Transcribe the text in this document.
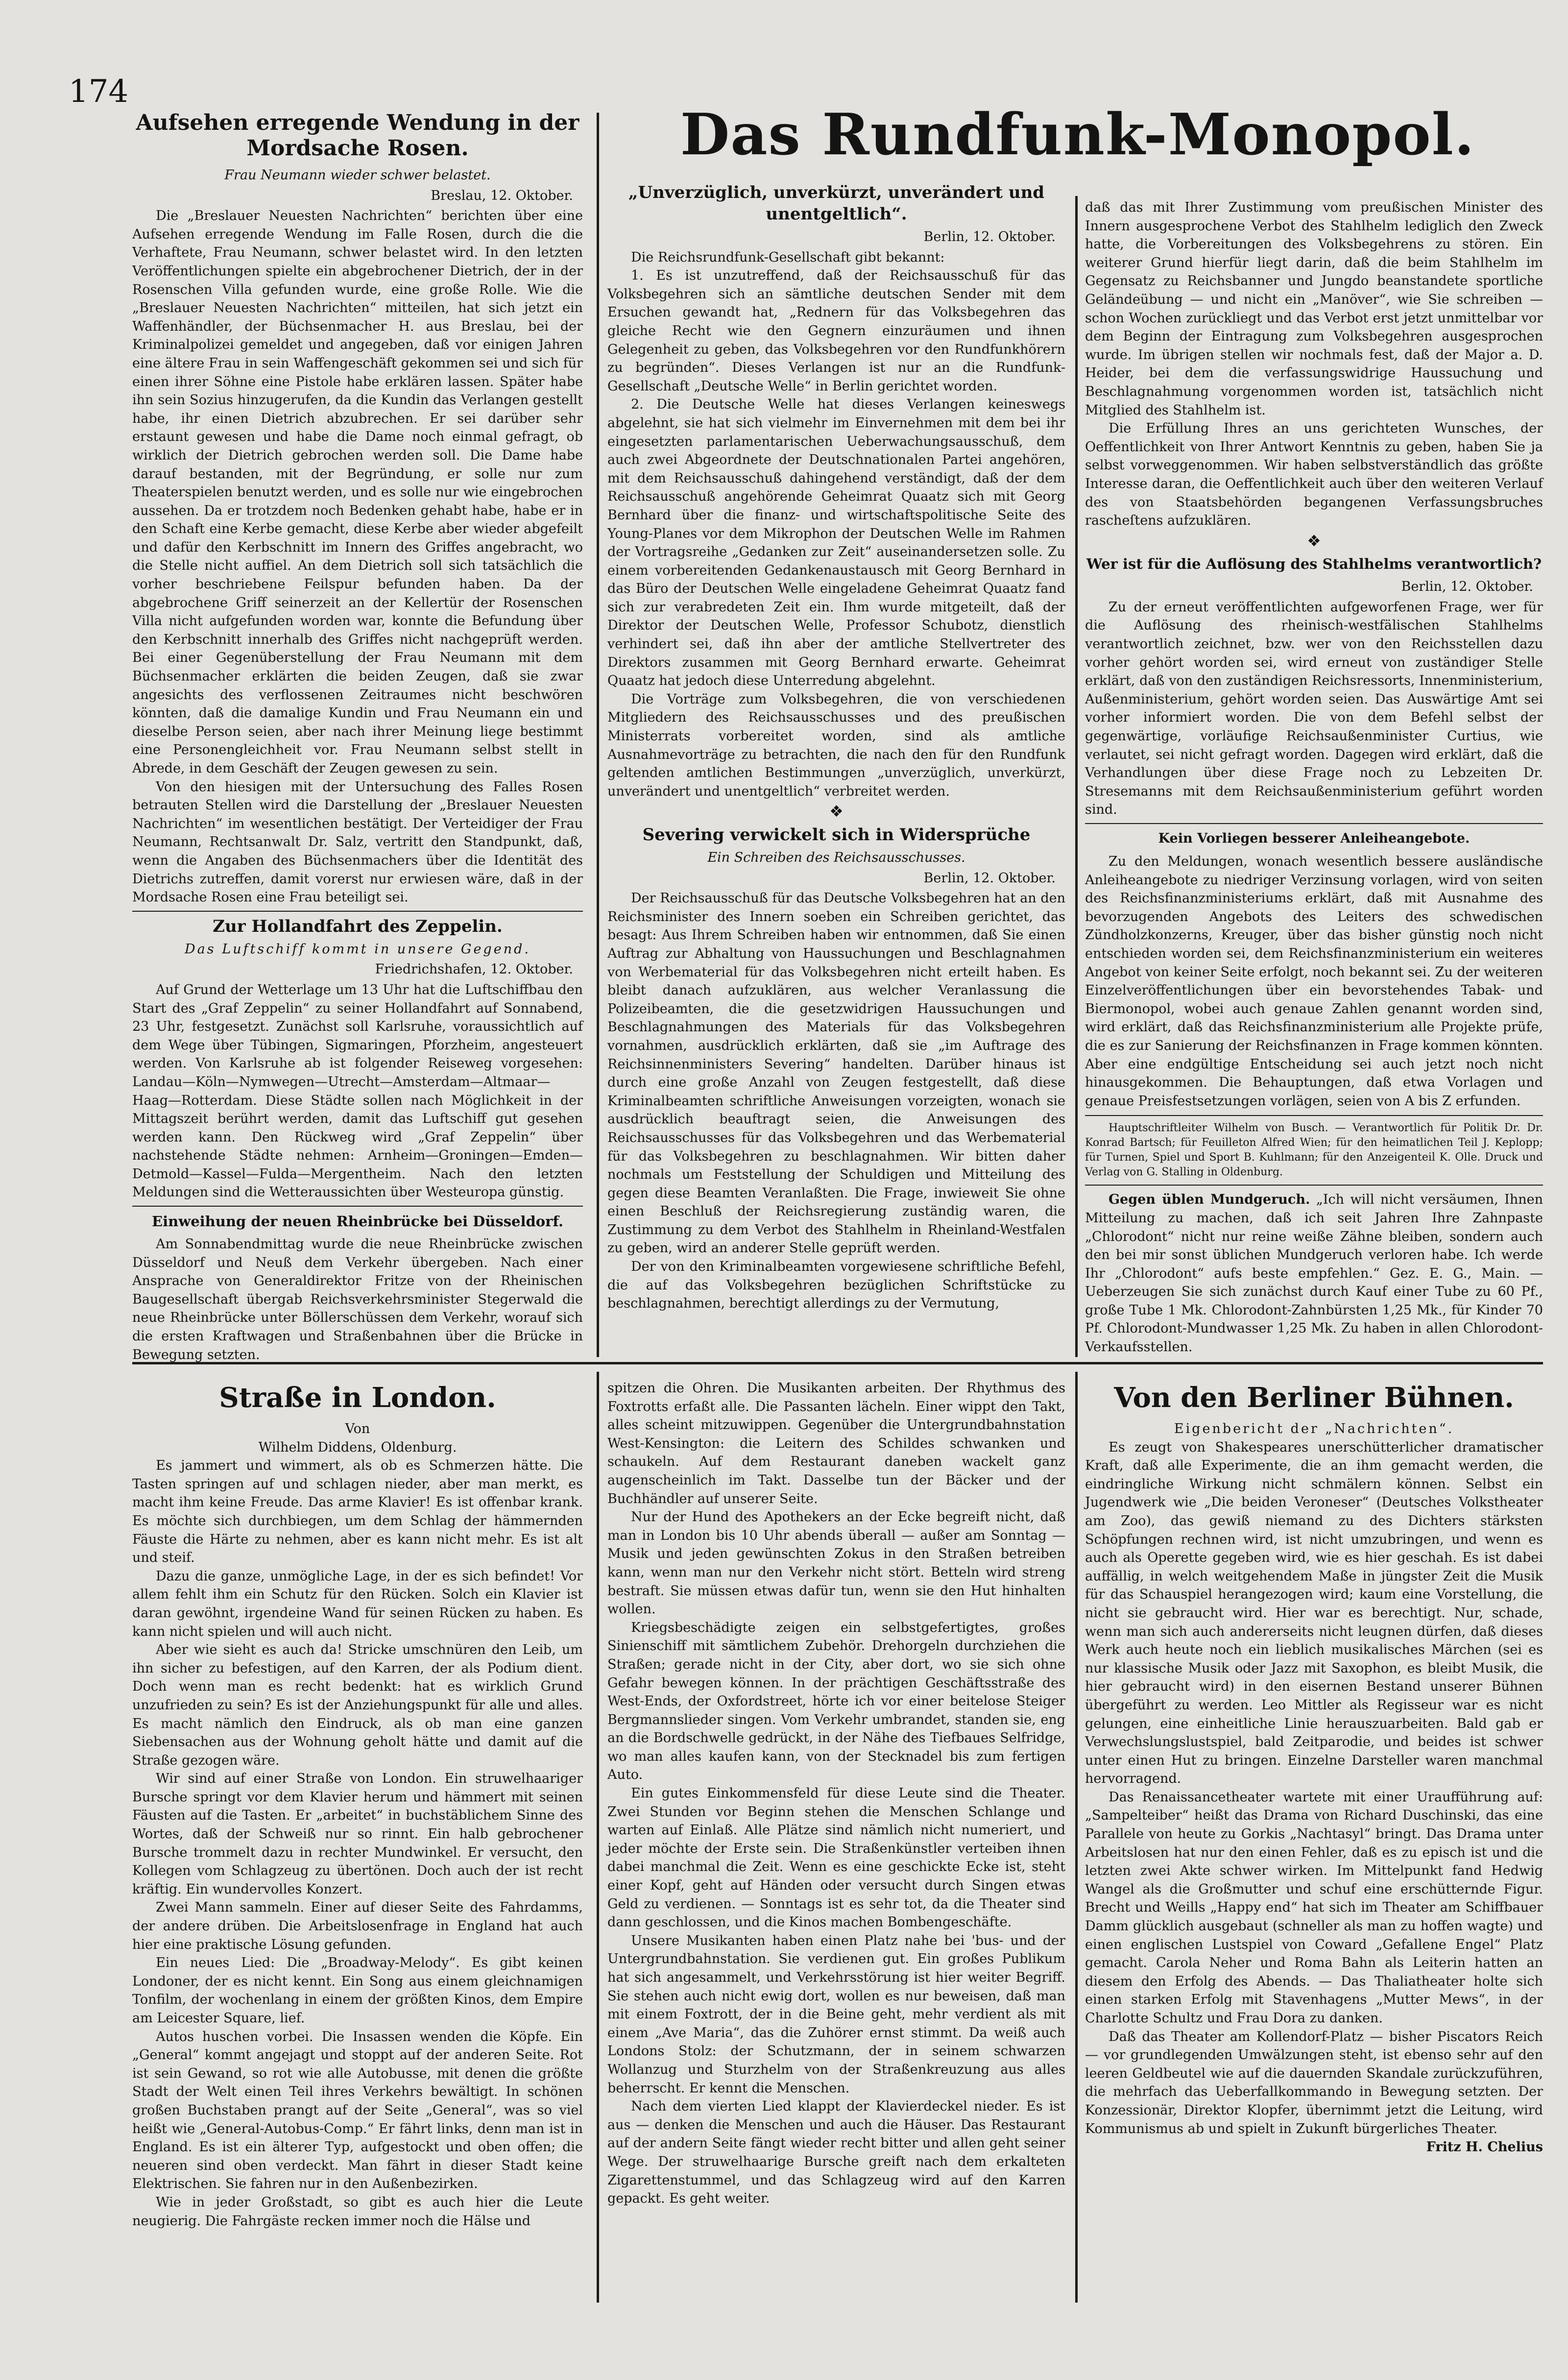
174
Das Rundfunk-Monopol.
Aufsehen erregende Wendung in der Mordsache Rosen.
Frau Neumann wieder schwer belastet.
Breslau, 12. Oktober.

Die „Breslauer Neuesten Nachrichten“ berichten über eine Aufsehen erregende Wendung im Falle Rosen, durch die die Verhaftete, Frau Neumann, schwer belastet wird. In den letzten Veröffentlichungen spielte ein abgebrochener Dietrich, der in der Rosenschen Villa gefunden wurde, eine große Rolle. Wie die „Breslauer Neuesten Nachrichten“ mitteilen, hat sich jetzt ein Waffenhändler, der Büchsenmacher H. aus Breslau, bei der Kriminalpolizei gemeldet und angegeben, daß vor einigen Jahren eine ältere Frau in sein Waffengeschäft gekommen sei und sich für einen ihrer Söhne eine Pistole habe erklären lassen. Später habe ihn sein Sozius hinzugerufen, da die Kundin das Verlangen gestellt habe, ihr einen Dietrich abzubrechen. Er sei darüber sehr erstaunt gewesen und habe die Dame noch einmal gefragt, ob wirklich der Dietrich gebrochen werden soll. Die Dame habe darauf bestanden, mit der Begründung, er solle nur zum Theaterspielen benutzt werden, und es solle nur wie eingebrochen aussehen. Da er trotzdem noch Bedenken gehabt habe, habe er in den Schaft eine Kerbe gemacht, diese Kerbe aber wieder abgefeilt und dafür den Kerbschnitt im Innern des Griffes angebracht, wo die Stelle nicht auffiel. An dem Dietrich soll sich tatsächlich die vorher beschriebene Feilspur befunden haben. Da der abgebrochene Griff seinerzeit an der Kellertür der Rosenschen Villa nicht aufgefunden worden war, konnte die Befundung über den Kerbschnitt innerhalb des Griffes nicht nachgeprüft werden. Bei einer Gegenüberstellung der Frau Neumann mit dem Büchsenmacher erklärten die beiden Zeugen, daß sie zwar angesichts des verflossenen Zeitraumes nicht beschwören könnten, daß die damalige Kundin und Frau Neumann ein und dieselbe Person seien, aber nach ihrer Meinung liege bestimmt eine Personengleichheit vor. Frau Neumann selbst stellt in Abrede, in dem Geschäft der Zeugen gewesen zu sein.

Von den hiesigen mit der Untersuchung des Falles Rosen betrauten Stellen wird die Darstellung der „Breslauer Neuesten Nachrichten“ im wesentlichen bestätigt. Der Verteidiger der Frau Neumann, Rechtsanwalt Dr. Salz, vertritt den Standpunkt, daß, wenn die Angaben des Büchsenmachers über die Identität des Dietrichs zutreffen, damit vorerst nur erwiesen wäre, daß in der Mordsache Rosen eine Frau beteiligt sei.

Zur Hollandfahrt des Zeppelin.
Das Luftschiff kommt in unsere Gegend.
Friedrichshafen, 12. Oktober.

Auf Grund der Wetterlage um 13 Uhr hat die Luftschiffbau den Start des „Graf Zeppelin“ zu seiner Hollandfahrt auf Sonnabend, 23 Uhr, festgesetzt. Zunächst soll Karlsruhe, voraussichtlich auf dem Wege über Tübingen, Sigmaringen, Pforzheim, angesteuert werden. Von Karlsruhe ab ist folgender Reiseweg vorgesehen: Landau—Köln—Nymwegen—Utrecht—Amsterdam—Altmaar—Haag—Rotterdam. Diese Städte sollen nach Möglichkeit in der Mittagszeit berührt werden, damit das Luftschiff gut gesehen werden kann. Den Rückweg wird „Graf Zeppelin“ über nachstehende Städte nehmen: Arnheim—Groningen—Emden—Detmold—Kassel—Fulda—Mergentheim. Nach den letzten Meldungen sind die Wetteraussichten über Westeuropa günstig.

Einweihung der neuen Rheinbrücke bei Düsseldorf.

Am Sonnabendmittag wurde die neue Rheinbrücke zwischen Düsseldorf und Neuß dem Verkehr übergeben. Nach einer Ansprache von Generaldirektor Fritze von der Rheinischen Baugesellschaft übergab Reichsverkehrsminister Stegerwald die neue Rheinbrücke unter Böllerschüssen dem Verkehr, worauf sich die ersten Kraftwagen und Straßenbahnen über die Brücke in Bewegung setzten.

„Unverzüglich, unverkürzt, unverändert und unentgeltlich“.
Berlin, 12. Oktober.

Die Reichsrundfunk-Gesellschaft gibt bekannt:

1. Es ist unzutreffend, daß der Reichsausschuß für das Volksbegehren sich an sämtliche deutschen Sender mit dem Ersuchen gewandt hat, „Rednern für das Volksbegehren das gleiche Recht wie den Gegnern einzuräumen und ihnen Gelegenheit zu geben, das Volksbegehren vor den Rundfunkhörern zu begründen“. Dieses Verlangen ist nur an die Rundfunk-Gesellschaft „Deutsche Welle“ in Berlin gerichtet worden.

2. Die Deutsche Welle hat dieses Verlangen keineswegs abgelehnt, sie hat sich vielmehr im Einvernehmen mit dem bei ihr eingesetzten parlamentarischen Ueberwachungsausschuß, dem auch zwei Abgeordnete der Deutschnationalen Partei angehören, mit dem Reichsausschuß dahingehend verständigt, daß der dem Reichsausschuß angehörende Geheimrat Quaatz sich mit Georg Bernhard über die finanz- und wirtschaftspolitische Seite des Young-Planes vor dem Mikrophon der Deutschen Welle im Rahmen der Vortragsreihe „Gedanken zur Zeit“ auseinandersetzen solle. Zu einem vorbereitenden Gedankenaustausch mit Georg Bernhard in das Büro der Deutschen Welle eingeladene Geheimrat Quaatz fand sich zur verabredeten Zeit ein. Ihm wurde mitgeteilt, daß der Direktor der Deutschen Welle, Professor Schubotz, dienstlich verhindert sei, daß ihn aber der amtliche Stellvertreter des Direktors zusammen mit Georg Bernhard erwarte. Geheimrat Quaatz hat jedoch diese Unterredung abgelehnt.

Die Vorträge zum Volksbegehren, die von verschiedenen Mitgliedern des Reichsausschusses und des preußischen Ministerrats vorbereitet worden, sind als amtliche Ausnahmevorträge zu betrachten, die nach den für den Rundfunk geltenden amtlichen Bestimmungen „unverzüglich, unverkürzt, unverändert und unentgeltlich“ verbreitet werden.

❖
Severing verwickelt sich in Widersprüche
Ein Schreiben des Reichsausschusses.
Berlin, 12. Oktober.

Der Reichsausschuß für das Deutsche Volksbegehren hat an den Reichsminister des Innern soeben ein Schreiben gerichtet, das besagt: Aus Ihrem Schreiben haben wir entnommen, daß Sie einen Auftrag zur Abhaltung von Haussuchungen und Beschlagnahmen von Werbematerial für das Volksbegehren nicht erteilt haben. Es bleibt danach aufzuklären, aus welcher Veranlassung die Polizeibeamten, die die gesetzwidrigen Haussuchungen und Beschlagnahmungen des Materials für das Volksbegehren vornahmen, ausdrücklich erklärten, daß sie „im Auftrage des Reichsinnenministers Severing“ handelten. Darüber hinaus ist durch eine große Anzahl von Zeugen festgestellt, daß diese Kriminalbeamten schriftliche Anweisungen vorzeigten, wonach sie ausdrücklich beauftragt seien, die Anweisungen des Reichsausschusses für das Volksbegehren und das Werbematerial für das Volksbegehren zu beschlagnahmen. Wir bitten daher nochmals um Feststellung der Schuldigen und Mitteilung des gegen diese Beamten Veranlaßten. Die Frage, inwieweit Sie ohne einen Beschluß der Reichsregierung zuständig waren, die Zustimmung zu dem Verbot des Stahlhelm in Rheinland-Westfalen zu geben, wird an anderer Stelle geprüft werden.

Der von den Kriminalbeamten vorgewiesene schriftliche Befehl, die auf das Volksbegehren bezüglichen Schriftstücke zu beschlagnahmen, berechtigt allerdings zu der Vermutung,

daß das mit Ihrer Zustimmung vom preußischen Minister des Innern ausgesprochene Verbot des Stahlhelm lediglich den Zweck hatte, die Vorbereitungen des Volksbegehrens zu stören. Ein weiterer Grund hierfür liegt darin, daß die beim Stahlhelm im Gegensatz zu Reichsbanner und Jungdo beanstandete sportliche Geländeübung — und nicht ein „Manöver“, wie Sie schreiben — schon Wochen zurückliegt und das Verbot erst jetzt unmittelbar vor dem Beginn der Eintragung zum Volksbegehren ausgesprochen wurde. Im übrigen stellen wir nochmals fest, daß der Major a. D. Heider, bei dem die verfassungswidrige Haussuchung und Beschlagnahmung vorgenommen worden ist, tatsächlich nicht Mitglied des Stahlhelm ist.

Die Erfüllung Ihres an uns gerichteten Wunsches, der Oeffentlichkeit von Ihrer Antwort Kenntnis zu geben, haben Sie ja selbst vorweggenommen. Wir haben selbstverständlich das größte Interesse daran, die Oeffentlichkeit auch über den weiteren Verlauf des von Staatsbehörden begangenen Verfassungsbruches rascheſtens aufzuklären.

❖
Wer ist für die Auflösung des Stahlhelms verantwortlich?
Berlin, 12. Oktober.

Zu der erneut veröffentlichten aufgeworfenen Frage, wer für die Auflösung des rheinisch-westfälischen Stahlhelms verantwortlich zeichnet, bzw. wer von den Reichsstellen dazu vorher gehört worden sei, wird erneut von zuständiger Stelle erklärt, daß von den zuständigen Reichsressorts, Innenministerium, Außenministerium, gehört worden seien. Das Auswärtige Amt sei vorher informiert worden. Die von dem Befehl selbst der gegenwärtige, vorläufige Reichsaußenminister Curtius, wie verlautet, sei nicht gefragt worden. Dagegen wird erklärt, daß die Verhandlungen über diese Frage noch zu Lebzeiten Dr. Stresemanns mit dem Reichsaußenministerium geführt worden sind.

Kein Vorliegen besserer Anleiheangebote.

Zu den Meldungen, wonach wesentlich bessere ausländische Anleiheangebote zu niedriger Verzinsung vorlagen, wird von seiten des Reichsfinanzministeriums erklärt, daß mit Ausnahme des bevorzugenden Angebots des Leiters des schwedischen Zündholzkonzerns, Kreuger, über das bisher günstig noch nicht entschieden worden sei, dem Reichsfinanzministerium ein weiteres Angebot von keiner Seite erfolgt, noch bekannt sei. Zu der weiteren Einzelveröffentlichungen über ein bevorstehendes Tabak- und Biermonopol, wobei auch genaue Zahlen genannt worden sind, wird erklärt, daß das Reichsfinanzministerium alle Projekte prüfe, die es zur Sanierung der Reichsfinanzen in Frage kommen könnten. Aber eine endgültige Entscheidung sei auch jetzt noch nicht hinausgekommen. Die Behauptungen, daß etwa Vorlagen und genaue Preisfestsetzungen vorlägen, seien von A bis Z erfunden.

Hauptschriftleiter Wilhelm von Busch. — Verantwortlich für Politik Dr. Dr. Konrad Bartsch; für Feuilleton Alfred Wien; für den heimatlichen Teil J. Keplopp; für Turnen, Spiel und Sport B. Kuhlmann; für den Anzeigenteil K. Olle. Druck und Verlag von G. Stalling in Oldenburg.

Gegen üblen Mundgeruch. „Ich will nicht versäumen, Ihnen Mitteilung zu machen, daß ich seit Jahren Ihre Zahnpaste „Chlorodont“ nicht nur reine weiße Zähne bleiben, sondern auch den bei mir sonst üblichen Mundgeruch verloren habe. Ich werde Ihr „Chlorodont“ aufs beste empfehlen.“ Gez. E. G., Main. — Ueberzeugen Sie sich zunächst durch Kauf einer Tube zu 60 Pf., große Tube 1 Mk. Chlorodont-Zahnbürsten 1,25 Mk., für Kinder 70 Pf. Chlorodont-Mundwasser 1,25 Mk. Zu haben in allen Chlorodont-Verkaufsstellen.

Straße in London.
Von
Wilhelm Diddens, Oldenburg.

Es jammert und wimmert, als ob es Schmerzen hätte. Die Tasten springen auf und schlagen nieder, aber man merkt, es macht ihm keine Freude. Das arme Klavier! Es ist offenbar krank. Es möchte sich durchbiegen, um dem Schlag der hämmernden Fäuste die Härte zu nehmen, aber es kann nicht mehr. Es ist alt und steif.

Dazu die ganze, unmögliche Lage, in der es sich befindet! Vor allem fehlt ihm ein Schutz für den Rücken. Solch ein Klavier ist daran gewöhnt, irgendeine Wand für seinen Rücken zu haben. Es kann nicht spielen und will auch nicht.

Aber wie sieht es auch da! Stricke umschnüren den Leib, um ihn sicher zu befestigen, auf den Karren, der als Podium dient. Doch wenn man es recht bedenkt: hat es wirklich Grund unzufrieden zu sein? Es ist der Anziehungspunkt für alle und alles. Es macht nämlich den Eindruck, als ob man eine ganzen Siebensachen aus der Wohnung geholt hätte und damit auf die Straße gezogen wäre.

Wir sind auf einer Straße von London. Ein struwelhaariger Bursche springt vor dem Klavier herum und hämmert mit seinen Fäusten auf die Tasten. Er „arbeitet“ in buchstäblichem Sinne des Wortes, daß der Schweiß nur so rinnt. Ein halb gebrochener Bursche trommelt dazu in rechter Mundwinkel. Er versucht, den Kollegen vom Schlagzeug zu übertönen. Doch auch der ist recht kräftig. Ein wundervolles Konzert.

Zwei Mann sammeln. Einer auf dieser Seite des Fahrdamms, der andere drüben. Die Arbeitslosenfrage in England hat auch hier eine praktische Lösung gefunden.

Ein neues Lied: Die „Broadway-Melody“. Es gibt keinen Londoner, der es nicht kennt. Ein Song aus einem gleichnamigen Tonfilm, der wochenlang in einem der größten Kinos, dem Empire am Leicester Square, lief.

Autos huschen vorbei. Die Insassen wenden die Köpfe. Ein „General“ kommt angejagt und stoppt auf der anderen Seite. Rot ist sein Gewand, so rot wie alle Autobusse, mit denen die größte Stadt der Welt einen Teil ihres Verkehrs bewältigt. In schönen großen Buchstaben prangt auf der Seite „General“, was so viel heißt wie „General-Autobus-Comp.“ Er fährt links, denn man ist in England. Es ist ein älterer Typ, aufgestockt und oben offen; die neueren sind oben verdeckt. Man fährt in dieser Stadt keine Elektrischen. Sie fahren nur in den Außenbezirken.

Wie in jeder Großstadt, so gibt es auch hier die Leute neugierig. Die Fahrgäste recken immer noch die Hälse und

spitzen die Ohren. Die Musikanten arbeiten. Der Rhythmus des Foxtrotts erfaßt alle. Die Passanten lächeln. Einer wippt den Takt, alles scheint mitzuwippen. Gegenüber die Untergrundbahnstation West-Kensington: die Leitern des Schildes schwanken und schaukeln. Auf dem Restaurant daneben wackelt ganz augenscheinlich im Takt. Dasselbe tun der Bäcker und der Buchhändler auf unserer Seite.

Nur der Hund des Apothekers an der Ecke begreift nicht, daß man in London bis 10 Uhr abends überall — außer am Sonntag — Musik und jeden gewünschten Zokus in den Straßen betreiben kann, wenn man nur den Verkehr nicht stört. Betteln wird streng bestraft. Sie müssen etwas dafür tun, wenn sie den Hut hinhalten wollen.

Kriegsbeschädigte zeigen ein selbstgefertigtes, großes Sinienschiff mit sämtlichem Zubehör. Drehorgeln durchziehen die Straßen; gerade nicht in der City, aber dort, wo sie sich ohne Gefahr bewegen können. In der prächtigen Geschäftsstraße des West-Ends, der Oxfordstreet, hörte ich vor einer beitelose Steiger Bergmannslieder singen. Vom Verkehr umbrandet, standen sie, eng an die Bordschwelle gedrückt, in der Nähe des Tiefbaues Selfridge, wo man alles kaufen kann, von der Stecknadel bis zum fertigen Auto.

Ein gutes Einkommensfeld für diese Leute sind die Theater. Zwei Stunden vor Beginn stehen die Menschen Schlange und warten auf Einlaß. Alle Plätze sind nämlich nicht numeriert, und jeder möchte der Erste sein. Die Straßenkünstler verteiben ihnen dabei manchmal die Zeit. Wenn es eine geschickte Ecke ist, steht einer Kopf, geht auf Händen oder versucht durch Singen etwas Geld zu verdienen. — Sonntags ist es sehr tot, da die Theater sind dann geschlossen, und die Kinos machen Bombengeschäfte.

Unsere Musikanten haben einen Platz nahe bei 'bus- und der Untergrundbahnstation. Sie verdienen gut. Ein großes Publikum hat sich angesammelt, und Verkehrsstörung ist hier weiter Begriff. Sie stehen auch nicht ewig dort, wollen es nur beweisen, daß man mit einem Foxtrott, der in die Beine geht, mehr verdient als mit einem „Ave Maria“, das die Zuhörer ernst stimmt. Da weiß auch Londons Stolz: der Schutzmann, der in seinem schwarzen Wollanzug und Sturzhelm von der Straßenkreuzung aus alles beherrscht. Er kennt die Menschen.

Nach dem vierten Lied klappt der Klavierdeckel nieder. Es ist aus — denken die Menschen und auch die Häuser. Das Restaurant auf der andern Seite fängt wieder recht bitter und allen geht seiner Wege. Der struwelhaarige Bursche greift nach dem erkalteten Zigarettenstummel, und das Schlagzeug wird auf den Karren gepackt. Es geht weiter.

Von den Berliner Bühnen.
Eigenbericht der „Nachrichten“.

Es zeugt von Shakespeares unerschütterlicher dramatischer Kraft, daß alle Experimente, die an ihm gemacht werden, die eindringliche Wirkung nicht schmälern können. Selbst ein Jugendwerk wie „Die beiden Veroneser“ (Deutsches Volkstheater am Zoo), das gewiß niemand zu des Dichters stärksten Schöpfungen rechnen wird, ist nicht umzubringen, und wenn es auch als Operette gegeben wird, wie es hier geschah. Es ist dabei auffällig, in welch weitgehendem Maße in jüngster Zeit die Musik für das Schauspiel herangezogen wird; kaum eine Vorstellung, die nicht sie gebraucht wird. Hier war es berechtigt. Nur, schade, wenn man sich auch andererseits nicht leugnen dürfen, daß dieses Werk auch heute noch ein lieblich musikalisches Märchen (sei es nur klassische Musik oder Jazz mit Saxophon, es bleibt Musik, die hier gebraucht wird) in den eisernen Bestand unserer Bühnen übergeführt zu werden. Leo Mittler als Regisseur war es nicht gelungen, eine einheitliche Linie herauszuarbeiten. Bald gab er Verwechslungslustspiel, bald Zeitparodie, und beides ist schwer unter einen Hut zu bringen. Einzelne Darsteller waren manchmal hervorragend.

Das Renaissancetheater wartete mit einer Uraufführung auf: „Sampelteiber“ heißt das Drama von Richard Duschinski, das eine Parallele von heute zu Gorkis „Nachtasyl“ bringt. Das Drama unter Arbeitslosen hat nur den einen Fehler, daß es zu episch ist und die letzten zwei Akte schwer wirken. Im Mittelpunkt fand Hedwig Wangel als die Großmutter und schuf eine erschütternde Figur. Brecht und Weills „Happy end“ hat sich im Theater am Schiffbauer Damm glücklich ausgebaut (schneller als man zu hoffen wagte) und einen englischen Lustspiel von Coward „Gefallene Engel“ Platz gemacht. Carola Neher und Roma Bahn als Leiterin hatten an diesem den Erfolg des Abends. — Das Thaliatheater holte sich einen starken Erfolg mit Stavenhagens „Mutter Mews“, in der Charlotte Schultz und Frau Dora zu danken.

Daß das Theater am Kollendorf-Platz — bisher Piscators Reich — vor grundlegenden Umwälzungen steht, ist ebenso sehr auf den leeren Geldbeutel wie auf die dauernden Skandale zurückzuführen, die mehrfach das Ueberfallkommando in Bewegung setzten. Der Konzessionär, Direktor Klopfer, übernimmt jetzt die Leitung, wird Kommunismus ab und spielt in Zukunft bürgerliches Theater.

Fritz H. Chelius
